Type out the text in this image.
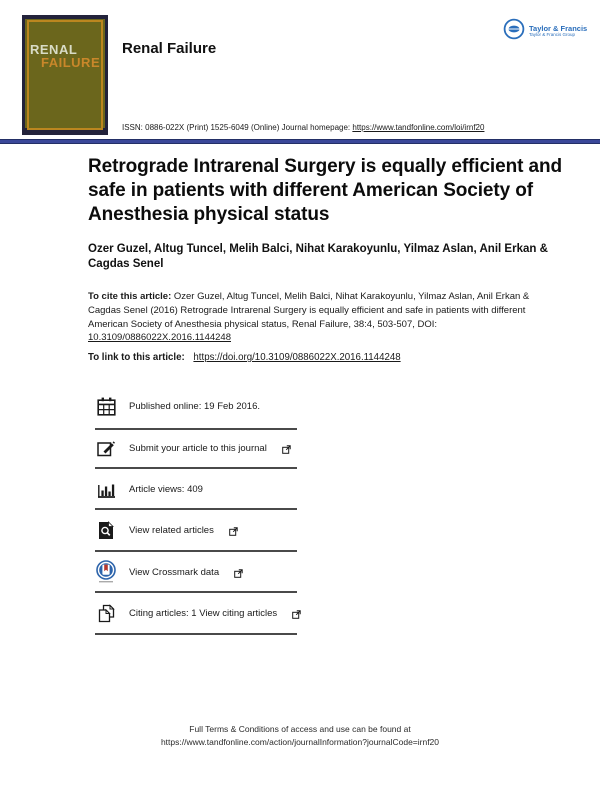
RENAL
FAILURE
Renal Failure
Taylor & Francis
Taylor & Francis Group
ISSN: 0886-022X (Print) 1525-6049 (Online) Journal homepage: https://www.tandfonline.com/loi/irnf20
Retrograde Intrarenal Surgery is equally efficient and safe in patients with different American Society of Anesthesia physical status

Ozer Guzel, Altug Tuncel, Melih Balci, Nihat Karakoyunlu, Yilmaz Aslan, Anil Erkan & Cagdas Senel

To cite this article: Ozer Guzel, Altug Tuncel, Melih Balci, Nihat Karakoyunlu, Yilmaz Aslan, Anil Erkan & Cagdas Senel (2016) Retrograde Intrarenal Surgery is equally efficient and safe in patients with different American Society of Anesthesia physical status, Renal Failure, 38:4, 503-507, DOI: 10.3109/0886022X.2016.1144248

To link to this article: https://doi.org/10.3109/0886022X.2016.1144248

Published online: 19 Feb 2016.
Submit your article to this journal
Article views: 409
View related articles
View Crossmark data
Citing articles: 1 View citing articles
Full Terms & Conditions of access and use can be found at
https://www.tandfonline.com/action/journalInformation?journalCode=irnf20
